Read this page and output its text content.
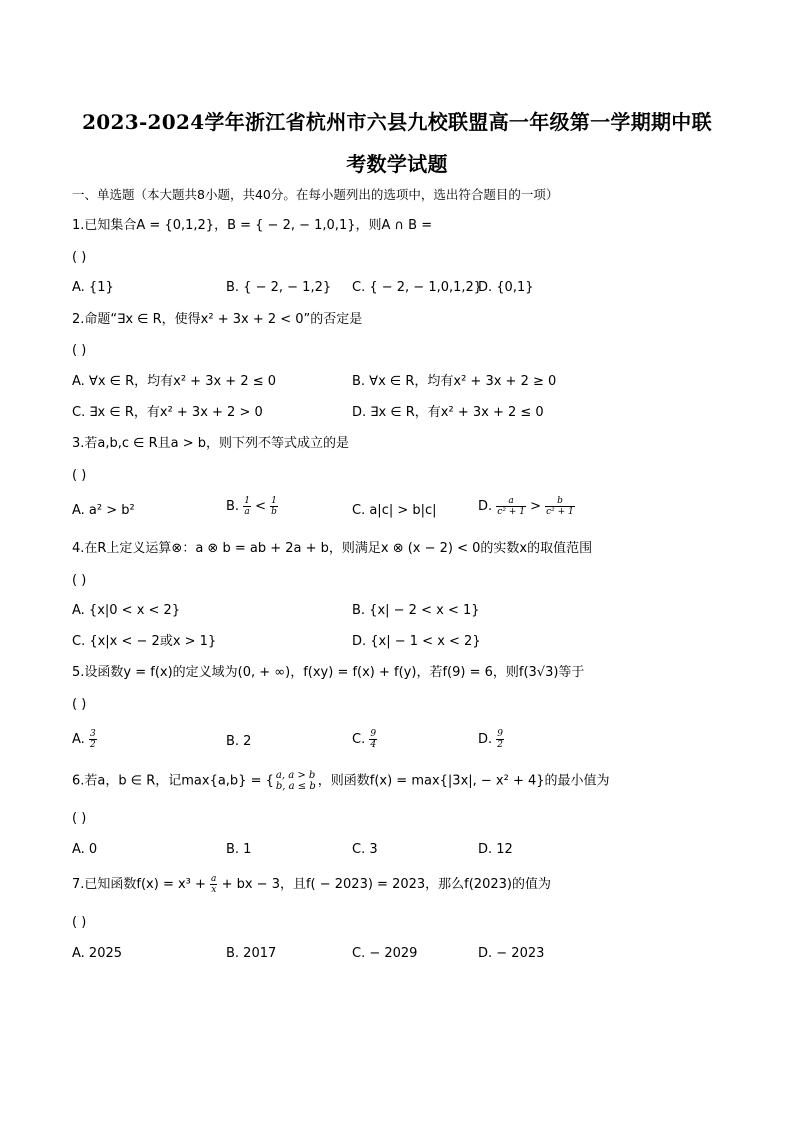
2023-2024学年浙江省杭州市六县九校联盟高一年级第一学期期中联
考数学试题
一、单选题（本大题共8小题，共40分。在每小题列出的选项中，选出符合题目的一项）
1.已知集合A = {0,1,2}，B = { − 2, − 1,0,1}，则A ∩ B =
( )
A. {1}	B. { − 2, − 1,2} C. { − 2, − 1,0,1,2}
D. {0,1}
2.命题“∃x ∈ R，使得x² + 3x + 2 < 0”的否定是
( )
A. ∀x ∈ R，均有x² + 3x + 2 ≤ 0	B. ∀x ∈ R，均有x² + 3x + 2 ≥ 0
C. ∃x ∈ R，有x² + 3x + 2 > 0	D. ∃x ∈ R，有x² + 3x + 2 ≤ 0
3.若a,b,c ∈ R且a > b，则下列不等式成立的是
( )
A. a² > b²	B. $\frac{1}{a} < \frac{1}{b}$	C. a|c| > b|c|	D. $\frac{a}{\text{c² + 1}} > \frac{b}{\text{c² + 1}}$
4.在R上定义运算⊗：a ⊗ b = ab + 2a + b，则满足x ⊗ (x − 2) < 0的实数x的取值范围
( )
A. {x|0 < x < 2}	B. {x| − 2 < x < 1}
C. {x|x < − 2或x > 1}	D. {x| − 1 < x < 2}
5.设函数y = f(x)的定义域为(0, + ∞)，f(xy) = f(x) + f(y)，若f(9) = 6，则f(3√3)等于
( )
A. $\frac{3}{2}$	B. 2	C. $\frac{9}{4}$	D. $\frac{9}{2}$
6.若a，b ∈ R，记max{a,b} = { a, a > b
b, a ≤ b ，则函数f(x) = max{|3x|, − x² + 4}的最小值为
( )
A. 0	B. 1	C. 3	D. 12
7.已知函数$f(x) = x^3 + \frac{a}{x}$ + bx − 3，且f( − 2023) = 2023，那么f(2023)的值为
( )
A. 2025	B. 2017	C. − 2029	D. − 2023
